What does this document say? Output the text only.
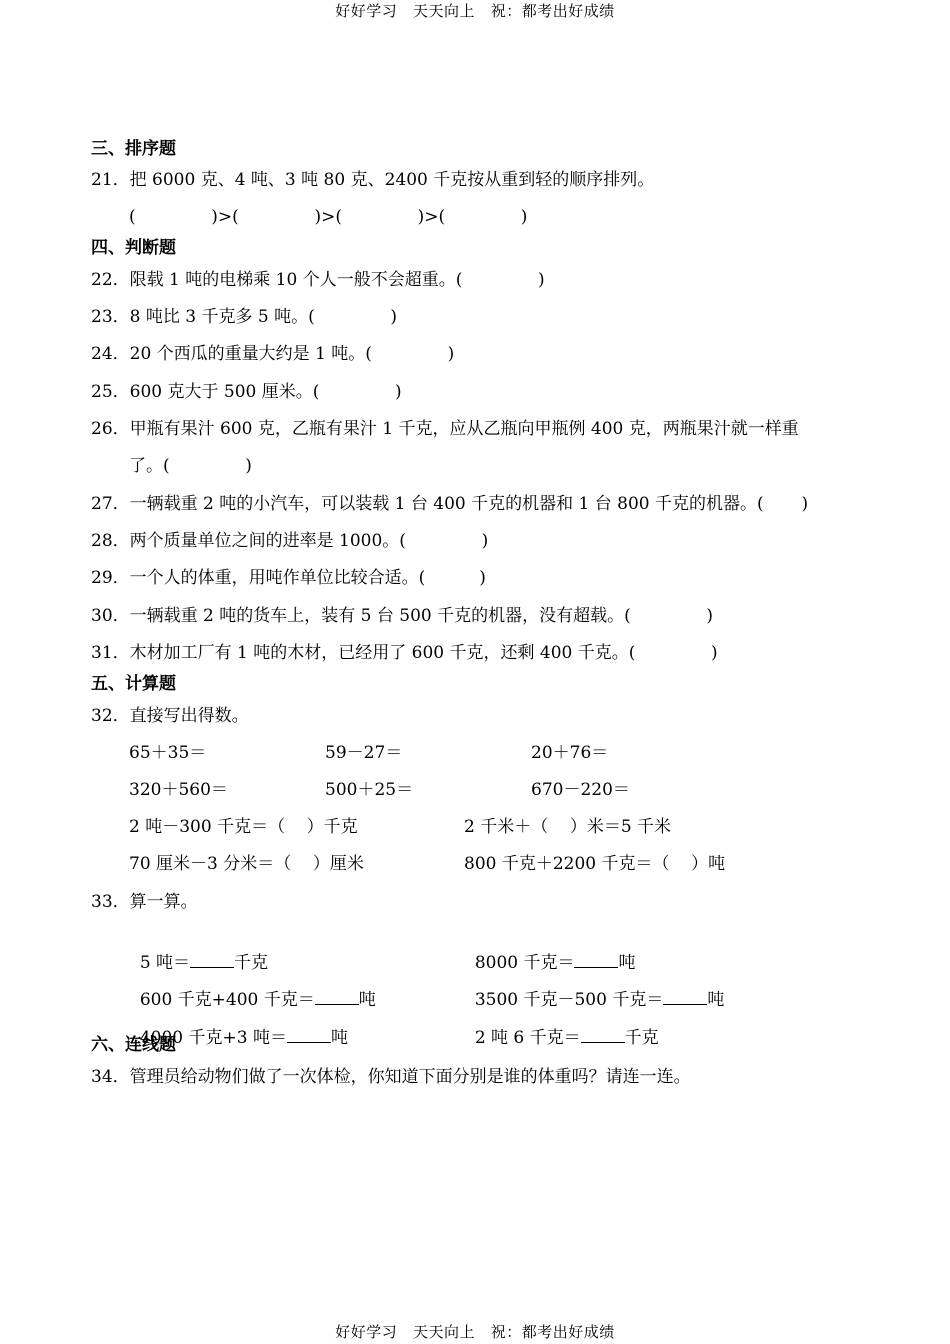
好好学习   天天向上   祝：都考出好成绩
三、排序题
21．把 6000 克、4 吨、3 吨 80 克、2400 千克按从重到轻的顺序排列。
(              )>(              )>(              )>(              )
四、判断题
22．限载 1 吨的电梯乘 10 个人一般不会超重。(              )
23．8 吨比 3 千克多 5 吨。(              )
24．20 个西瓜的重量大约是 1 吨。(              )
25．600 克大于 500 厘米。(              )
26．甲瓶有果汁 600 克，乙瓶有果汁 1 千克，应从乙瓶向甲瓶例 400 克，两瓶果汁就一样重
了。(              )
27．一辆载重 2 吨的小汽车，可以装载 1 台 400 千克的机器和 1 台 800 千克的机器。(       )
28．两个质量单位之间的进率是 1000。(              )
29．一个人的体重，用吨作单位比较合适。(          )
30．一辆载重 2 吨的货车上，装有 5 台 500 千克的机器，没有超载。(              )
31．木材加工厂有 1 吨的木材，已经用了 600 千克，还剩 400 千克。(              )
五、计算题
32．直接写出得数。
65＋35＝	59－27＝	20＋76＝
320＋560＝	500＋25＝	670－220＝
2 吨－300 千克＝（    ）千克	2 千米＋（    ）米＝5 千米
70 厘米－3 分米＝（    ）厘米	800 千克＋2200 千克＝（    ）吨
33．算一算。

5 吨＝	千克	8000 千克＝	吨

600 千克+400 千克＝	吨	3500 千克－500 千克＝	吨

4000 千克+3 吨＝	吨	2 吨 6 千克＝	千克

六、连线题
34．管理员给动物们做了一次体检，你知道下面分别是谁的体重吗？请连一连。
好好学习   天天向上   祝：都考出好成绩
